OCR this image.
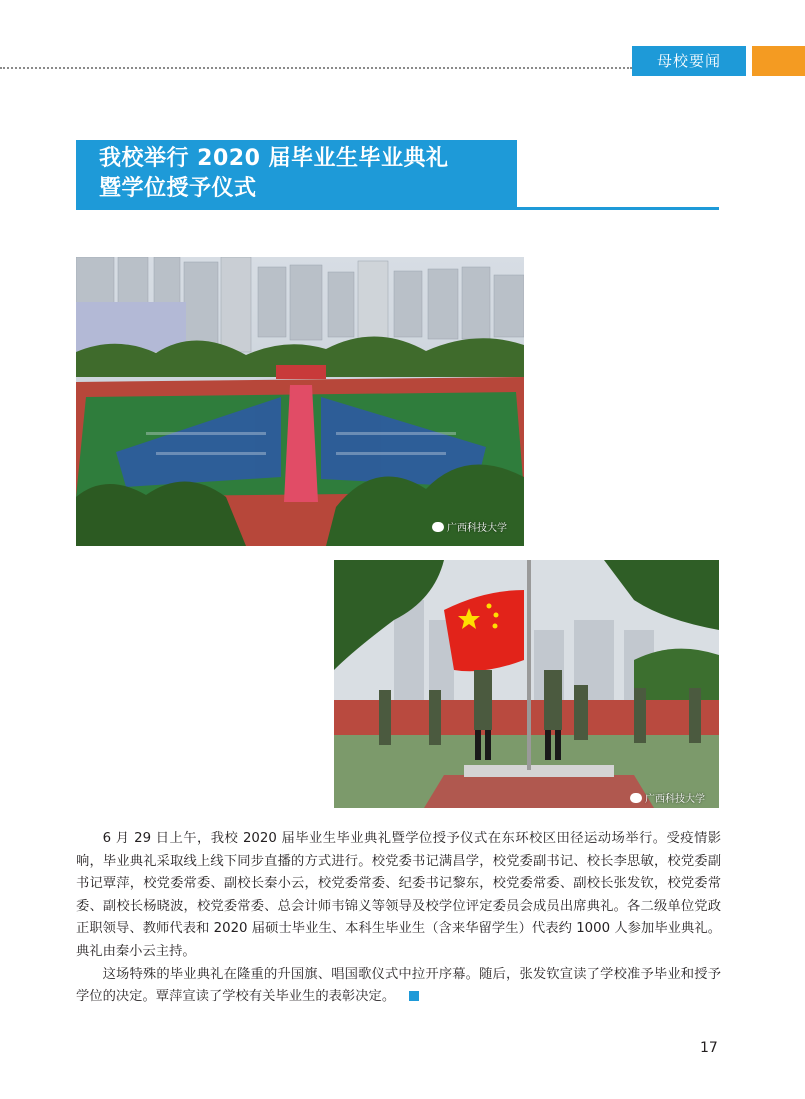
母校要闻
我校举行 2020 届毕业生毕业典礼
暨学位授予仪式
广西科技大学
广西科技大学

6 月 29 日上午，我校 2020 届毕业生毕业典礼暨学位授予仪式在东环校区田径运动场举行。受疫情影响，毕业典礼采取线上线下同步直播的方式进行。校党委书记满昌学，校党委副书记、校长李思敏，校党委副书记覃萍，校党委常委、副校长秦小云，校党委常委、纪委书记黎东，校党委常委、副校长张发钦，校党委常委、副校长杨晓波，校党委常委、总会计师韦锦义等领导及校学位评定委员会成员出席典礼。各二级单位党政正职领导、教师代表和 2020 届硕士毕业生、本科生毕业生（含来华留学生）代表约 1000 人参加毕业典礼。典礼由秦小云主持。

这场特殊的毕业典礼在隆重的升国旗、唱国歌仪式中拉开序幕。随后，张发钦宣读了学校准予毕业和授予学位的决定。覃萍宣读了学校有关毕业生的表彰决定。

17
